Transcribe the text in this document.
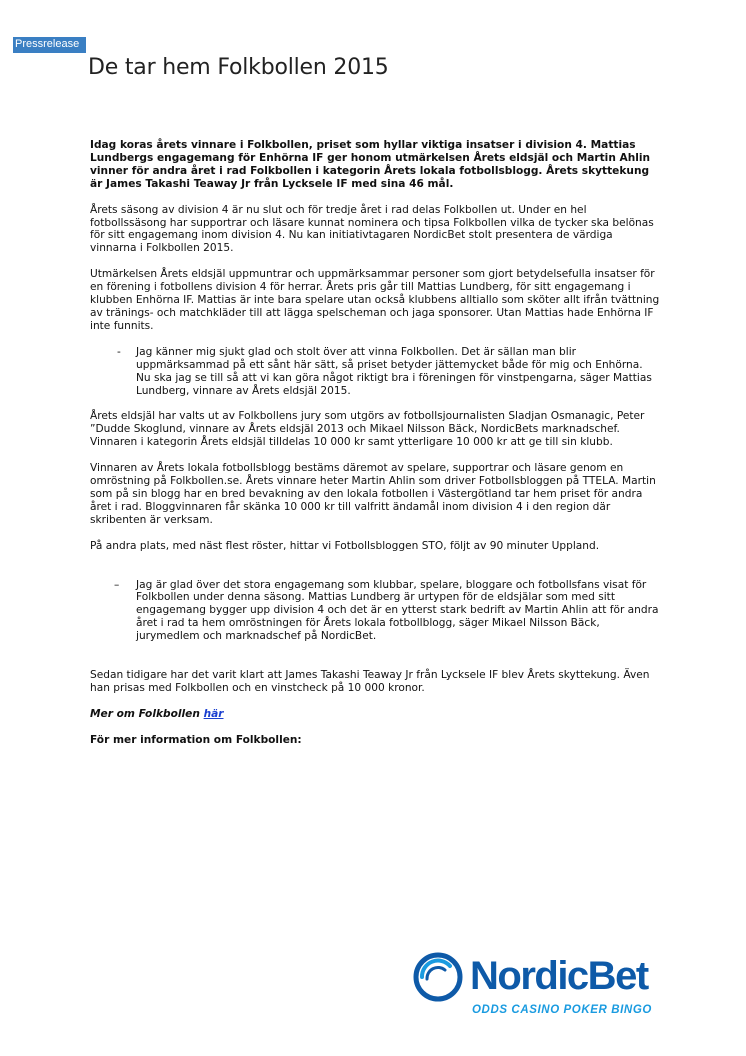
Pressrelease
De tar hem Folkbollen 2015

Idag koras årets vinnare i Folkbollen, priset som hyllar viktiga insatser i division 4. Mattias Lundbergs engagemang för Enhörna IF ger honom utmärkelsen Årets eldsjäl och Martin Ahlin vinner för andra året i rad Folkbollen i kategorin Årets lokala fotbollsblogg. Årets skyttekung är James Takashi Teaway Jr från Lycksele IF med sina 46 mål.

Årets säsong av division 4 är nu slut och för tredje året i rad delas Folkbollen ut. Under en hel fotbollssäsong har supportrar och läsare kunnat nominera och tipsa Folkbollen vilka de tycker ska belönas för sitt engagemang inom division 4. Nu kan initiativtagaren NordicBet stolt presentera de värdiga vinnarna i Folkbollen 2015.

Utmärkelsen Årets eldsjäl uppmuntrar och uppmärksammar personer som gjort betydelsefulla insatser för en förening i fotbollens division 4 för herrar. Årets pris går till Mattias Lundberg, för sitt engagemang i klubben Enhörna IF. Mattias är inte bara spelare utan också klubbens alltiallo som sköter allt ifrån tvättning av tränings- och matchkläder till att lägga spelscheman och jaga sponsorer. Utan Mattias hade Enhörna IF inte funnits.

-	Jag känner mig sjukt glad och stolt över att vinna Folkbollen. Det är sällan man blir uppmärksammad på ett sånt här sätt, så priset betyder jättemycket både för mig och Enhörna. Nu ska jag se till så att vi kan göra något riktigt bra i föreningen för vinstpengarna, säger Mattias Lundberg, vinnare av Årets eldsjäl 2015.

Årets eldsjäl har valts ut av Folkbollens jury som utgörs av fotbollsjournalisten Sladjan Osmanagic, Peter ”Dudde Skoglund, vinnare av Årets eldsjäl 2013 och Mikael Nilsson Bäck, NordicBets marknadschef. Vinnaren i kategorin Årets eldsjäl tilldelas 10 000 kr samt ytterligare 10 000 kr att ge till sin klubb.

Vinnaren av Årets lokala fotbollsblogg bestäms däremot av spelare, supportrar och läsare genom en omröstning på Folkbollen.se. Årets vinnare heter Martin Ahlin som driver Fotbollsbloggen på TTELA. Martin som på sin blogg har en bred bevakning av den lokala fotbollen i Västergötland tar hem priset för andra året i rad. Bloggvinnaren får skänka 10 000 kr till valfritt ändamål inom division 4 i den region där skribenten är verksam.

På andra plats, med näst flest röster, hittar vi Fotbollsbloggen STO, följt av 90 minuter Uppland.

–	Jag är glad över det stora engagemang som klubbar, spelare, bloggare och fotbollsfans visat för Folkbollen under denna säsong. Mattias Lundberg är urtypen för de eldsjälar som med sitt engagemang bygger upp division 4 och det är en ytterst stark bedrift av Martin Ahlin att för andra året i rad ta hem omröstningen för Årets lokala fotbollblogg, säger Mikael Nilsson Bäck, jurymedlem och marknadschef på NordicBet.

Sedan tidigare har det varit klart att James Takashi Teaway Jr från Lycksele IF blev Årets skyttekung. Även han prisas med Folkbollen och en vinstcheck på 10 000 kronor.

Mer om Folkbollen här

För mer information om Folkbollen:

NordicBet
ODDS CASINO POKER BINGO
